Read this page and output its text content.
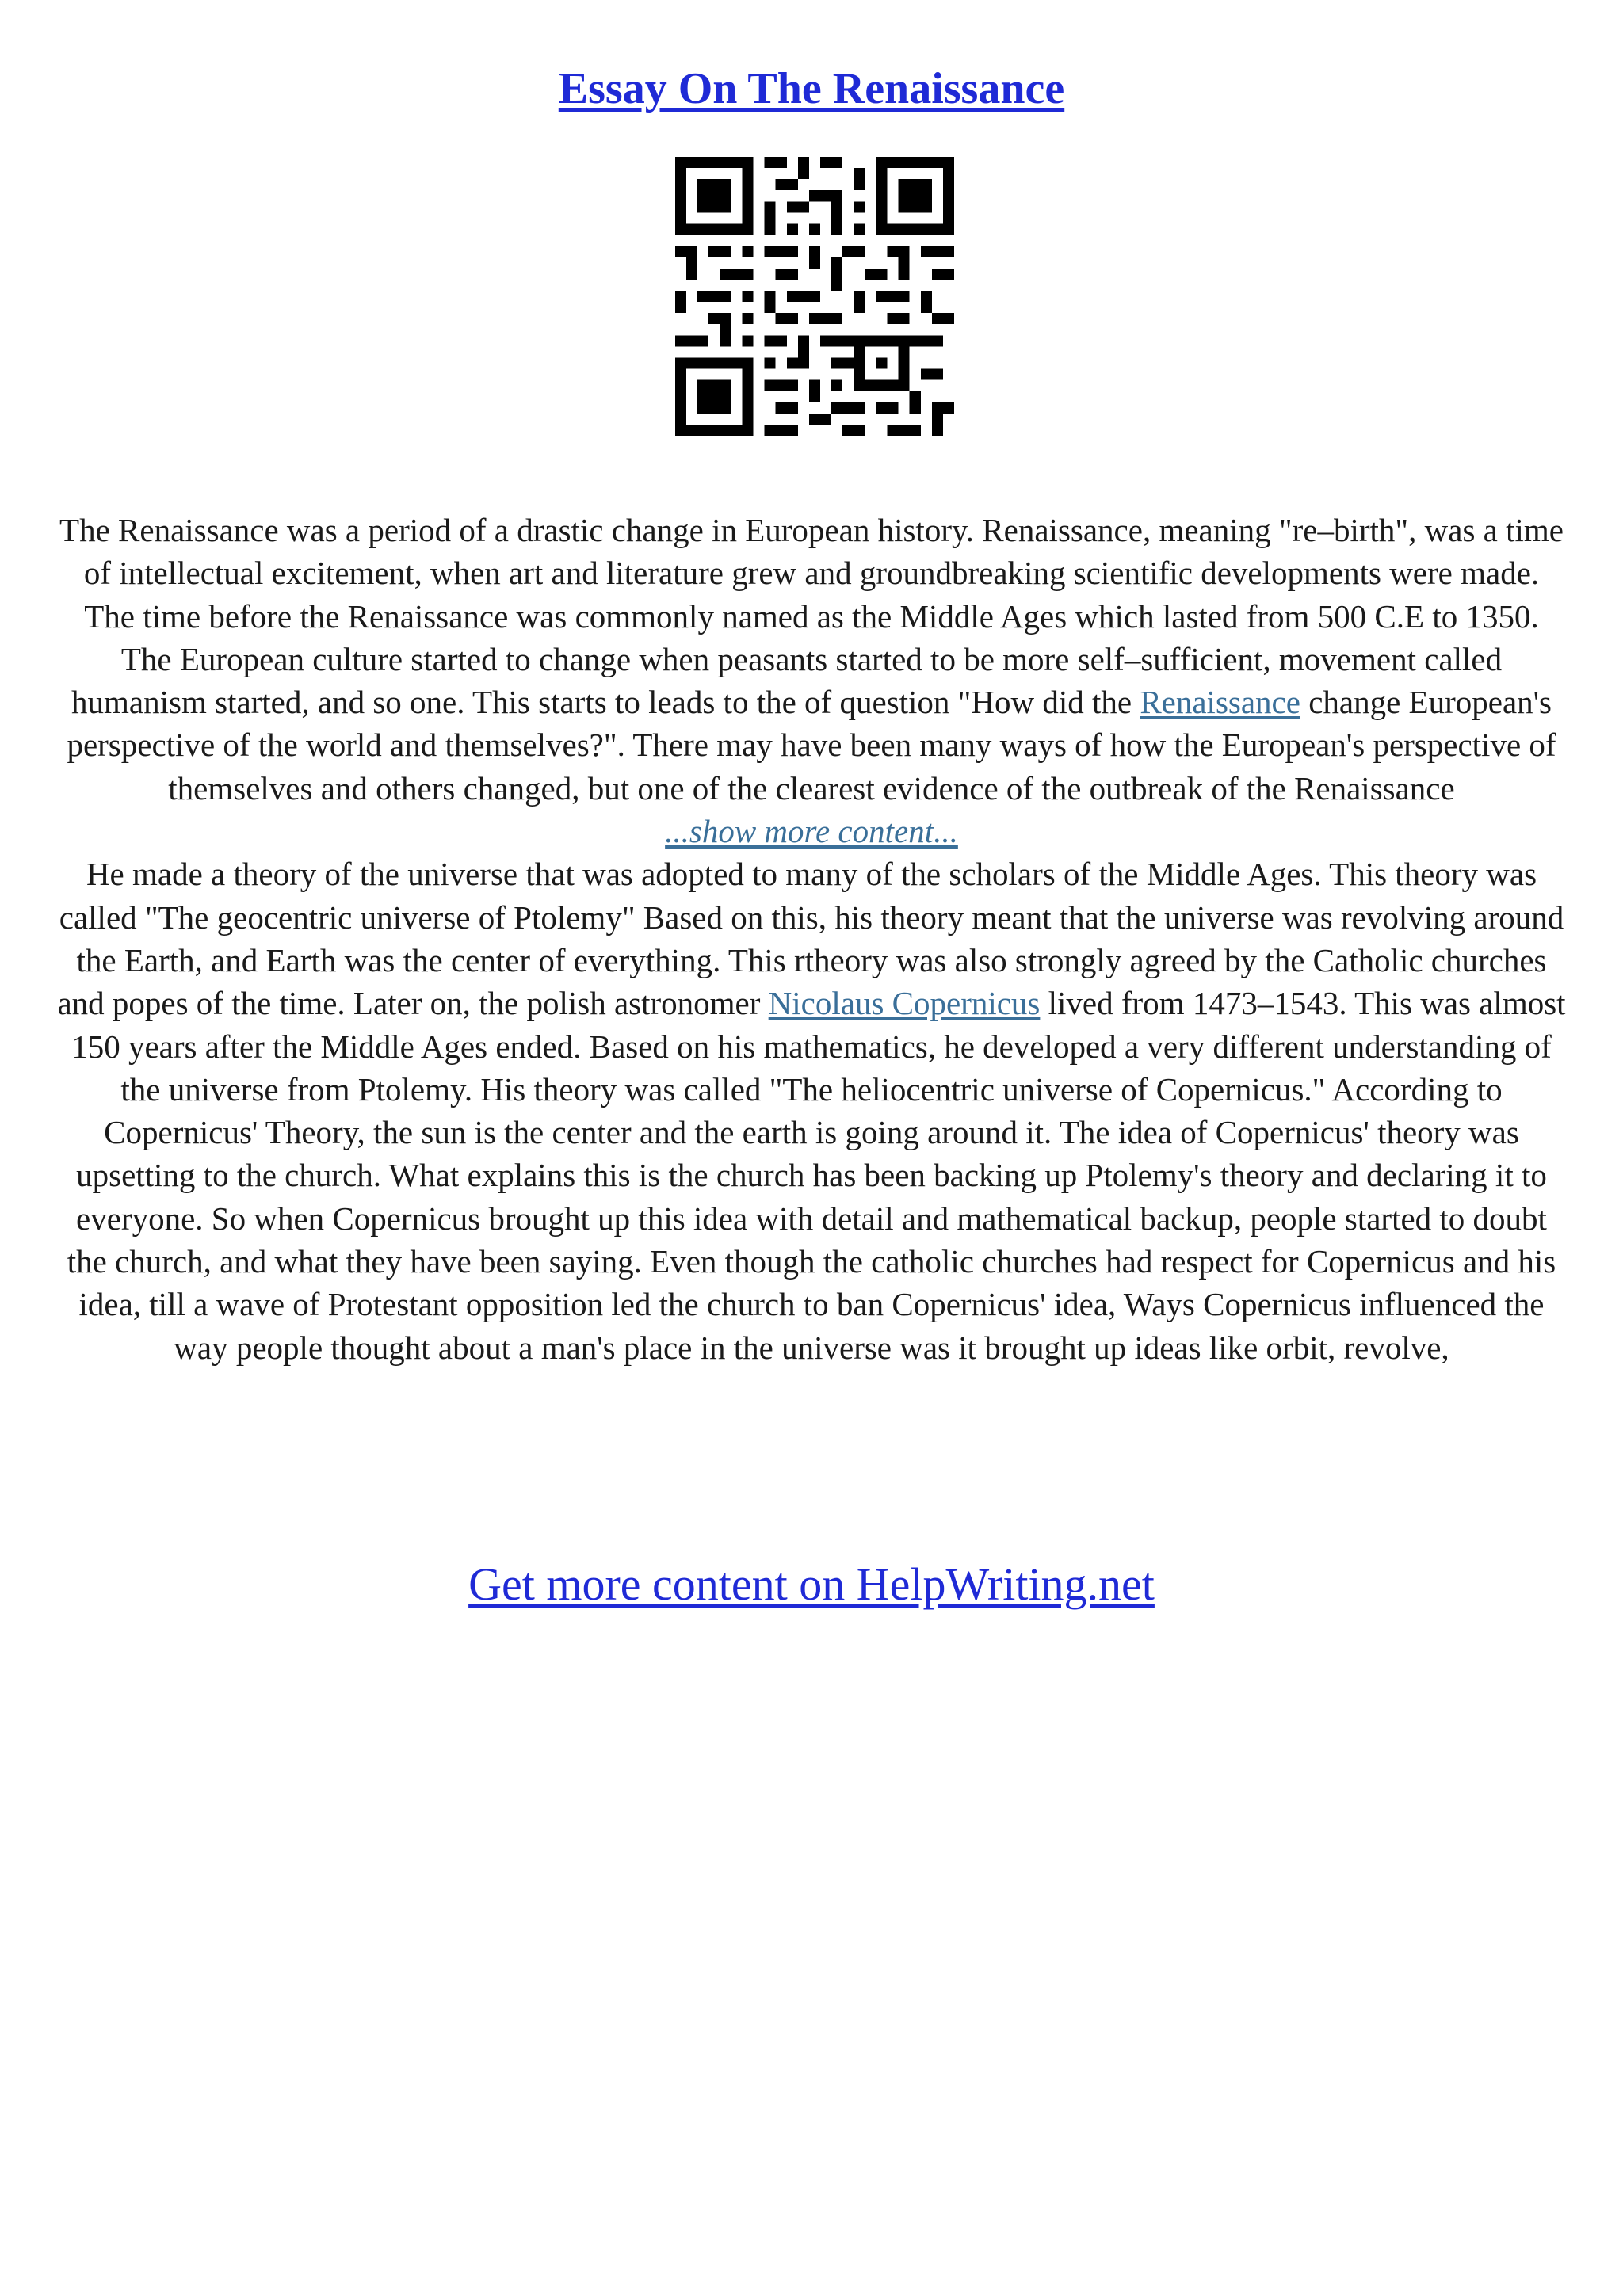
Essay On The Renaissance

The Renaissance was a period of a drastic change in European history. Renaissance, meaning "re–birth", was a time of intellectual excitement, when art and literature grew and groundbreaking scientific developments were made. The time before the Renaissance was commonly named as the Middle Ages which lasted from 500 C.E to 1350. The European culture started to change when peasants started to be more self–sufficient, movement called humanism started, and so one. This starts to leads to the of question "How did the Renaissance change European's perspective of the world and themselves?". There may have been many ways of how the European's perspective of themselves and others changed, but one of the clearest evidence of the outbreak of the Renaissance
...show more content...

He made a theory of the universe that was adopted to many of the scholars of the Middle Ages. This theory was called "The geocentric universe of Ptolemy" Based on this, his theory meant that the universe was revolving around the Earth, and Earth was the center of everything. This rtheory was also strongly agreed by the Catholic churches and popes of the time. Later on, the polish astronomer Nicolaus Copernicus lived from 1473–1543. This was almost 150 years after the Middle Ages ended. Based on his mathematics, he developed a very different understanding of the universe from Ptolemy. His theory was called "The heliocentric universe of Copernicus." According to Copernicus' Theory, the sun is the center and the earth is going around it. The idea of Copernicus' theory was upsetting to the church. What explains this is the church has been backing up Ptolemy's theory and declaring it to everyone. So when Copernicus brought up this idea with detail and mathematical backup, people started to doubt the church, and what they have been saying. Even though the catholic churches had respect for Copernicus and his idea, till a wave of Protestant opposition led the church to ban Copernicus' idea, Ways Copernicus influenced the way people thought about a man's place in the universe was it brought up ideas like orbit, revolve,

Get more content on HelpWriting.net
